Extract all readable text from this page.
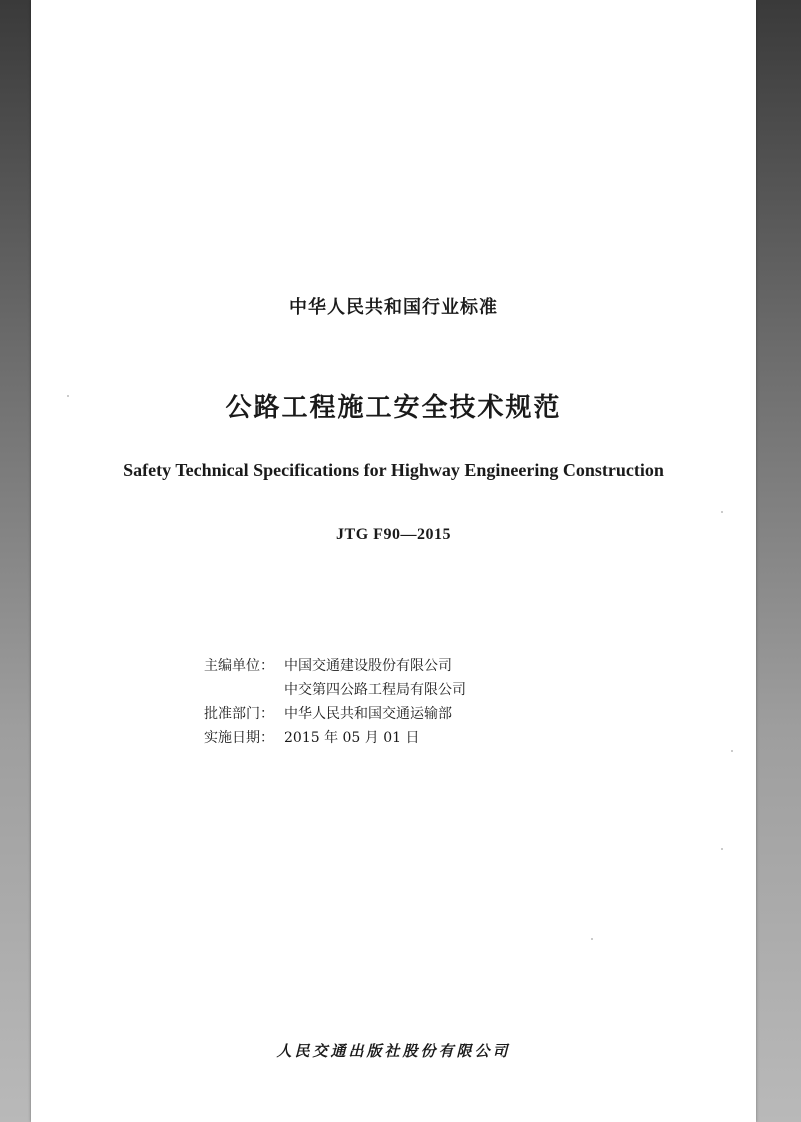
中华人民共和国行业标准
公路工程施工安全技术规范
Safety Technical Specifications for Highway Engineering Construction
JTG F90—2015
主编单位： 中国交通建设股份有限公司
中交第四公路工程局有限公司
批准部门： 中华人民共和国交通运输部
实施日期： 2015 年 05 月 01 日
人民交通出版社股份有限公司
